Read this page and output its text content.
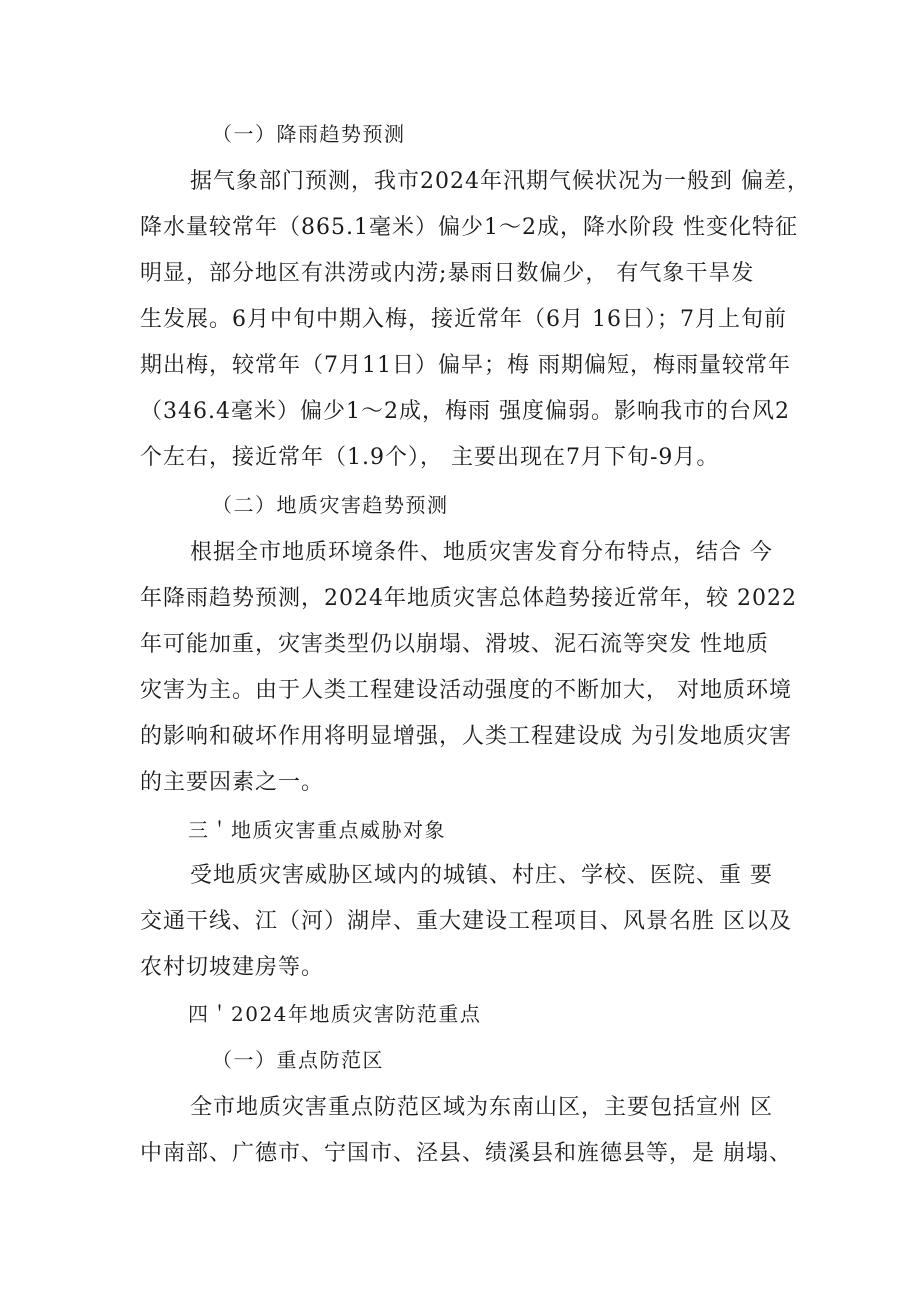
（一）降雨趋势预测
据气象部门预测，我市2024年汛期气候状况为一般到 偏差，
降水量较常年（865.1毫米）偏少1～2成，降水阶段 性变化特征
明显，部分地区有洪涝或内涝;暴雨日数偏少， 有气象干旱发
生发展。6月中旬中期入梅，接近常年（6月 16日）；7月上旬前
期出梅，较常年（7月11日）偏早；梅 雨期偏短，梅雨量较常年
（346.4毫米）偏少1～2成，梅雨 强度偏弱。影响我市的台风2
个左右，接近常年（1.9个）， 主要出现在7月下旬-9月。
（二）地质灾害趋势预测
根据全市地质环境条件、地质灾害发育分布特点，结合 今
年降雨趋势预测，2024年地质灾害总体趋势接近常年，较 2022
年可能加重，灾害类型仍以崩塌、滑坡、泥石流等突发 性地质
灾害为主。由于人类工程建设活动强度的不断加大， 对地质环境
的影响和破坏作用将明显增强，人类工程建设成 为引发地质灾害
的主要因素之一。
三＇地质灾害重点威胁对象
受地质灾害威胁区域内的城镇、村庄、学校、医院、重 要
交通干线、江（河）湖岸、重大建设工程项目、风景名胜 区以及
农村切坡建房等。
四＇2024年地质灾害防范重点
（一）重点防范区
全市地质灾害重点防范区域为东南山区，主要包括宣州 区
中南部、广德市、宁国市、泾县、绩溪县和旌德县等，是 崩塌、
